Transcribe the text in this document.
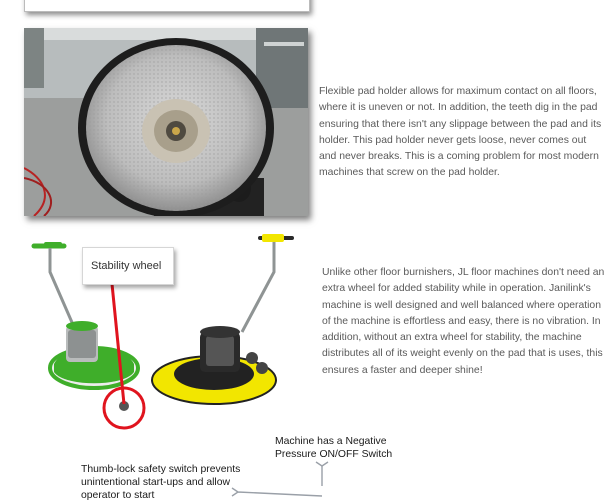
Flexible pad holder allows for maximum contact on all floors, where it is uneven or not. In addition, the teeth dig in the pad ensuring that there isn't any slippage between the pad and its holder. This pad holder never gets loose, never comes out and never breaks. This is a coming problem for most modern machines that screw on the pad holder.
Stability wheel
Unlike other floor burnishers, JL floor machines don't need an extra wheel for added stability while in operation. Janilink's machine is well designed and well balanced where operation of the machine is effortless and easy, there is no vibration. In addition, without an extra wheel for stability, the machine distributes all of its weight evenly on the pad that is uses, this ensures a faster and deeper shine!
Machine has a Negative Pressure ON/OFF Switch
Thumb-lock safety switch prevents unintentional start-ups and allow operator to start
